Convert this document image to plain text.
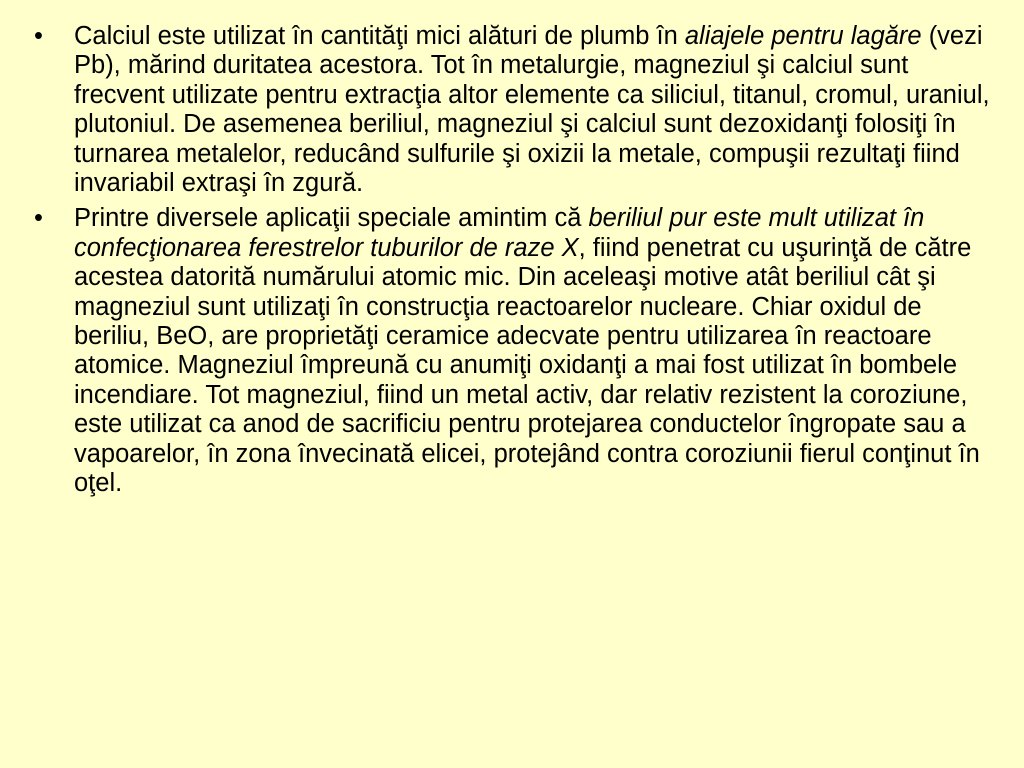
• Calciul este utilizat în cantităţi mici alături de plumb în aliajele pentru lagăre (vezi Pb), mărind duritatea acestora. Tot în metalurgie, magneziul şi calciul sunt frecvent utilizate pentru extracţia altor elemente ca siliciul, titanul, cromul, uraniul, plutoniul. De asemenea beriliul, magneziul şi calciul sunt dezoxidanţi folosiţi în turnarea metalelor, reducând sulfurile şi oxizii la metale, compuşii rezultaţi fiind invariabil extraşi în zgură.
• Printre diversele aplicaţii speciale amintim că beriliul pur este mult utilizat în confecţionarea ferestrelor tuburilor de raze X, fiind penetrat cu uşurinţă de către acestea datorită numărului atomic mic. Din aceleaşi motive atât beriliul cât şi magneziul sunt utilizaţi în construcţia reactoarelor nucleare. Chiar oxidul de beriliu, BeO, are proprietăţi ceramice adecvate pentru utilizarea în reactoare atomice. Magneziul împreună cu anumiţi oxidanţi a mai fost utilizat în bombele incendiare. Tot magneziul, fiind un metal activ, dar relativ rezistent la coroziune, este utilizat ca anod de sacrificiu pentru protejarea conductelor îngropate sau a vapoarelor, în zona învecinată elicei, protejând contra coroziunii fierul conţinut în oţel.
